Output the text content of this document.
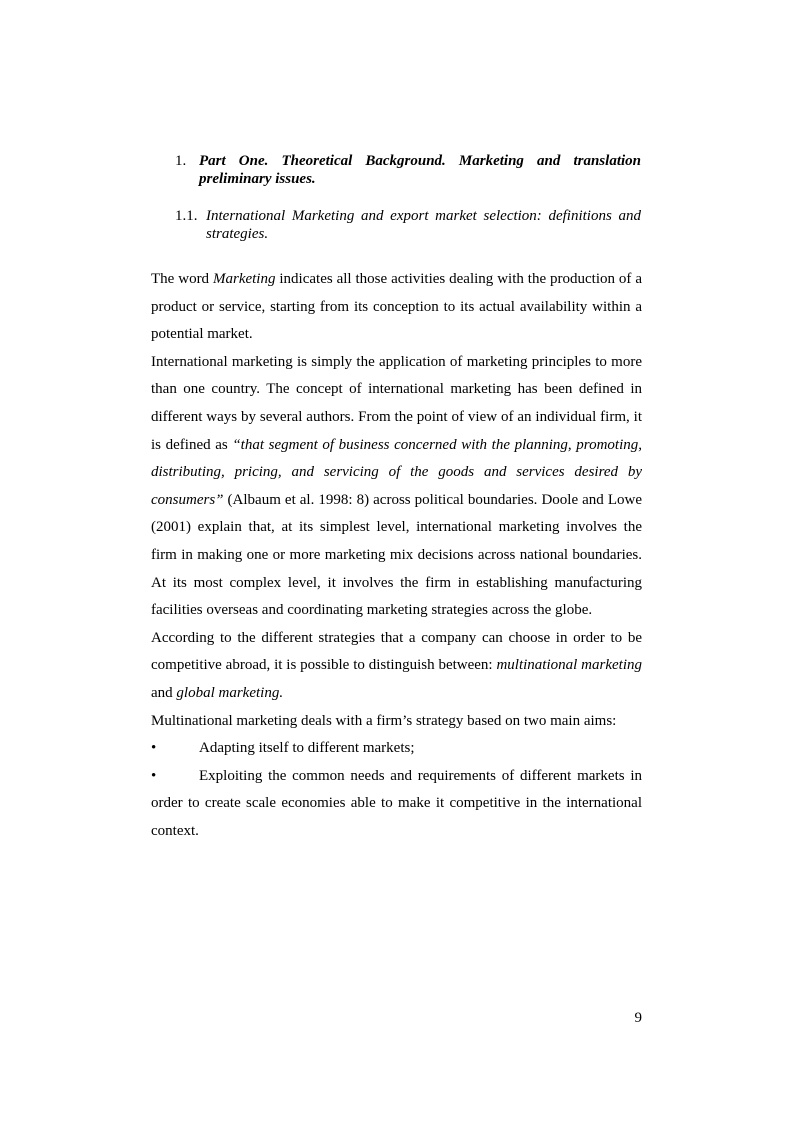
1. Part One. Theoretical Background. Marketing and translation preliminary issues.
1.1. International Marketing and export market selection: definitions and strategies.

The word Marketing indicates all those activities dealing with the production of a product or service, starting from its conception to its actual availability within a potential market.

International marketing is simply the application of marketing principles to more than one country. The concept of international marketing has been defined in different ways by several authors. From the point of view of an individual firm, it is defined as “that segment of business concerned with the planning, promoting, distributing, pricing, and servicing of the goods and services desired by consumers” (Albaum et al. 1998: 8) across political boundaries. Doole and Lowe (2001) explain that, at its simplest level, international marketing involves the firm in making one or more marketing mix decisions across national boundaries. At its most complex level, it involves the firm in establishing manufacturing facilities overseas and coordinating marketing strategies across the globe.

According to the different strategies that a company can choose in order to be competitive abroad, it is possible to distinguish between: multinational marketing and global marketing.

Multinational marketing deals with a firm’s strategy based on two main aims:

•	Adapting itself to different markets;

•	Exploiting the common needs and requirements of different markets in order to create scale economies able to make it competitive in the international context.

9
